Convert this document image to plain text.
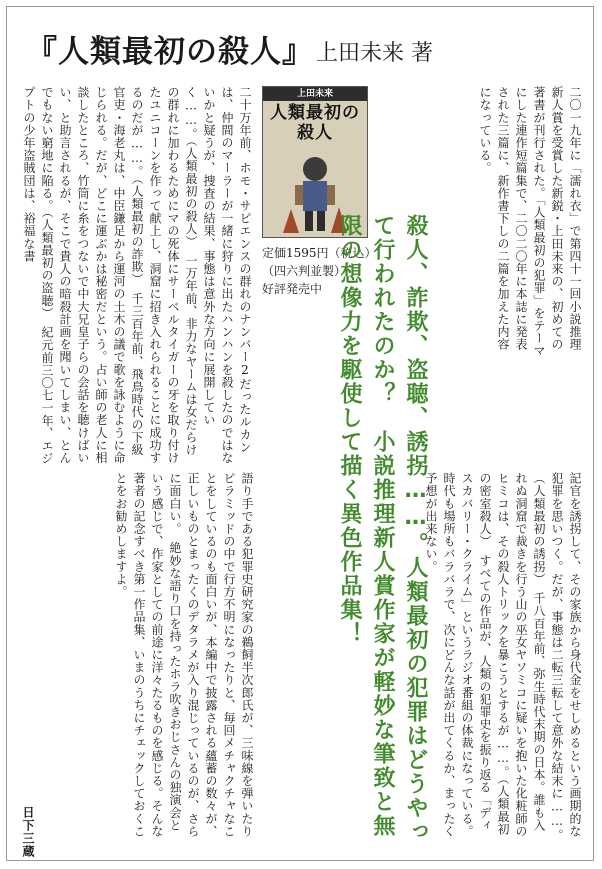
『人類最初の殺人』 上田未来 著
上田未来
人類最初の殺人
定価1595円（税込）
（四六判並製）
好評発売中	二〇一九年に「濡れ衣」で第四十一回小説推理新人賞を受賞した新鋭・上田未来の、初めての著書が刊行された。「人類最初の犯罪」をテーマにした連作短篇集で、二〇二〇年に本誌に発表された三篇に、新作書下しの二篇を加えた内容になっている。
二十万年前、ホモ・サピエンスの群れのナンバー2だったルカンは、仲間のマーラーが一緒に狩りに出たハンハンを殺したのではないかと疑うが、捜査の結果、事態は意外な方向に展開していく……。（人類最初の殺人）　一万年前、非力なヤームは女だらけの群れに加わるためにマの死体にサーベルタイガーの牙を取り付けたユニコーンを作って献上し、洞窟に招き入れられることに成功するのだが……。（人類最初の詐欺）　千三百年前、飛鳥時代の下級官吏・海老丸は、中臣鎌足から運河の土木の議で歌を詠むように命じられる。だが、どこに運ぶかは秘密だという。占い師の老人に相談したところ、竹筒に糸をつないで中大兄皇子らの会話を聴けばいい、と助言されるが、そこで貴人の暗殺計画を聞いてしまい、とんでもない窮地に陥る。（人類最初の盗聴）　紀元前三〇七一年、エジプトの少年盗賊団は、裕福な書
殺人、詐欺、盗聴、誘拐……。人類最初の犯罪はどうやって行われたのか？　小説推理新人賞作家が軽妙な筆致と無限の想像力を駆使して描く異色作品集！
記官を誘拐して、その家族から身代金をせしめるという画期的な犯罪を思いつく。だが、事態は二転三転して意外な結末に……。（人類最初の誘拐）　千八百年前、弥生時代末期の日本。誰も入れぬ洞窟で裁きを行う山の巫女ヤソミコに疑いを抱いた化粧師のヒミコは、その殺人トリックを暴こうとするが……。（人類最初の密室殺人）　すべての作品が、人類の犯罪史を振り返る「ディスカバリー・クライム」というラジオ番組の体裁になっている。時代も場所もバラバラで、次にどんな話が出てくるか、まったく予想が出来ない。
語り手である犯罪史研究家の鵜飼半次郎氏が、三味線を弾いたりピラミッドの中で行方不明になったりと、毎回メチャクチャなことをしているのも面白いが、本編中で披露される蘊蓄の数々が、正しいものとまったくのデタラメが入り混じっているのが、さらに面白い。　絶妙な語り口を持ったホラ吹きおじさんの独演会という感じで、作家としての前途に洋々たるものを感じる。そんな著者の記念すべき第一作品集、いまのうちにチェックしておくことをお勧めしますよ。
日下三蔵
